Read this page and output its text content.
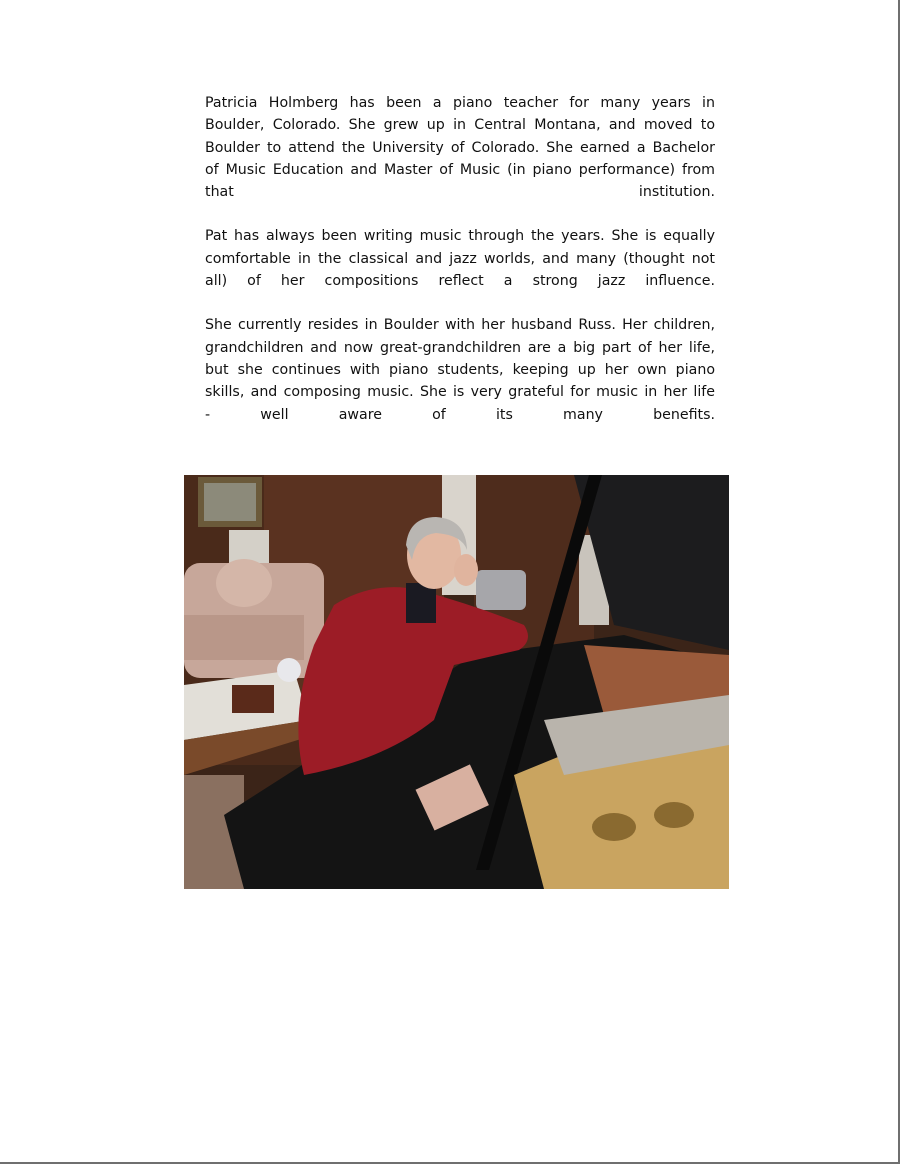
Patricia Holmberg has been a piano teacher for many years in Boulder, Colorado. She grew up in Central Montana, and moved to Boulder to attend the University of Colorado. She earned a Bachelor of Music Education and Master of Music (in piano performance) from that institution.

Pat has always been writing music through the years. She is equally comfortable in the classical and jazz worlds, and many (thought not all) of her compositions reflect a strong jazz influence.

She currently resides in Boulder with her husband Russ. Her children, grandchildren and now great-grandchildren are a big part of her life, but she continues with piano students, keeping up her own piano skills, and composing music. She is very grateful for music in her life - well aware of its many benefits.
